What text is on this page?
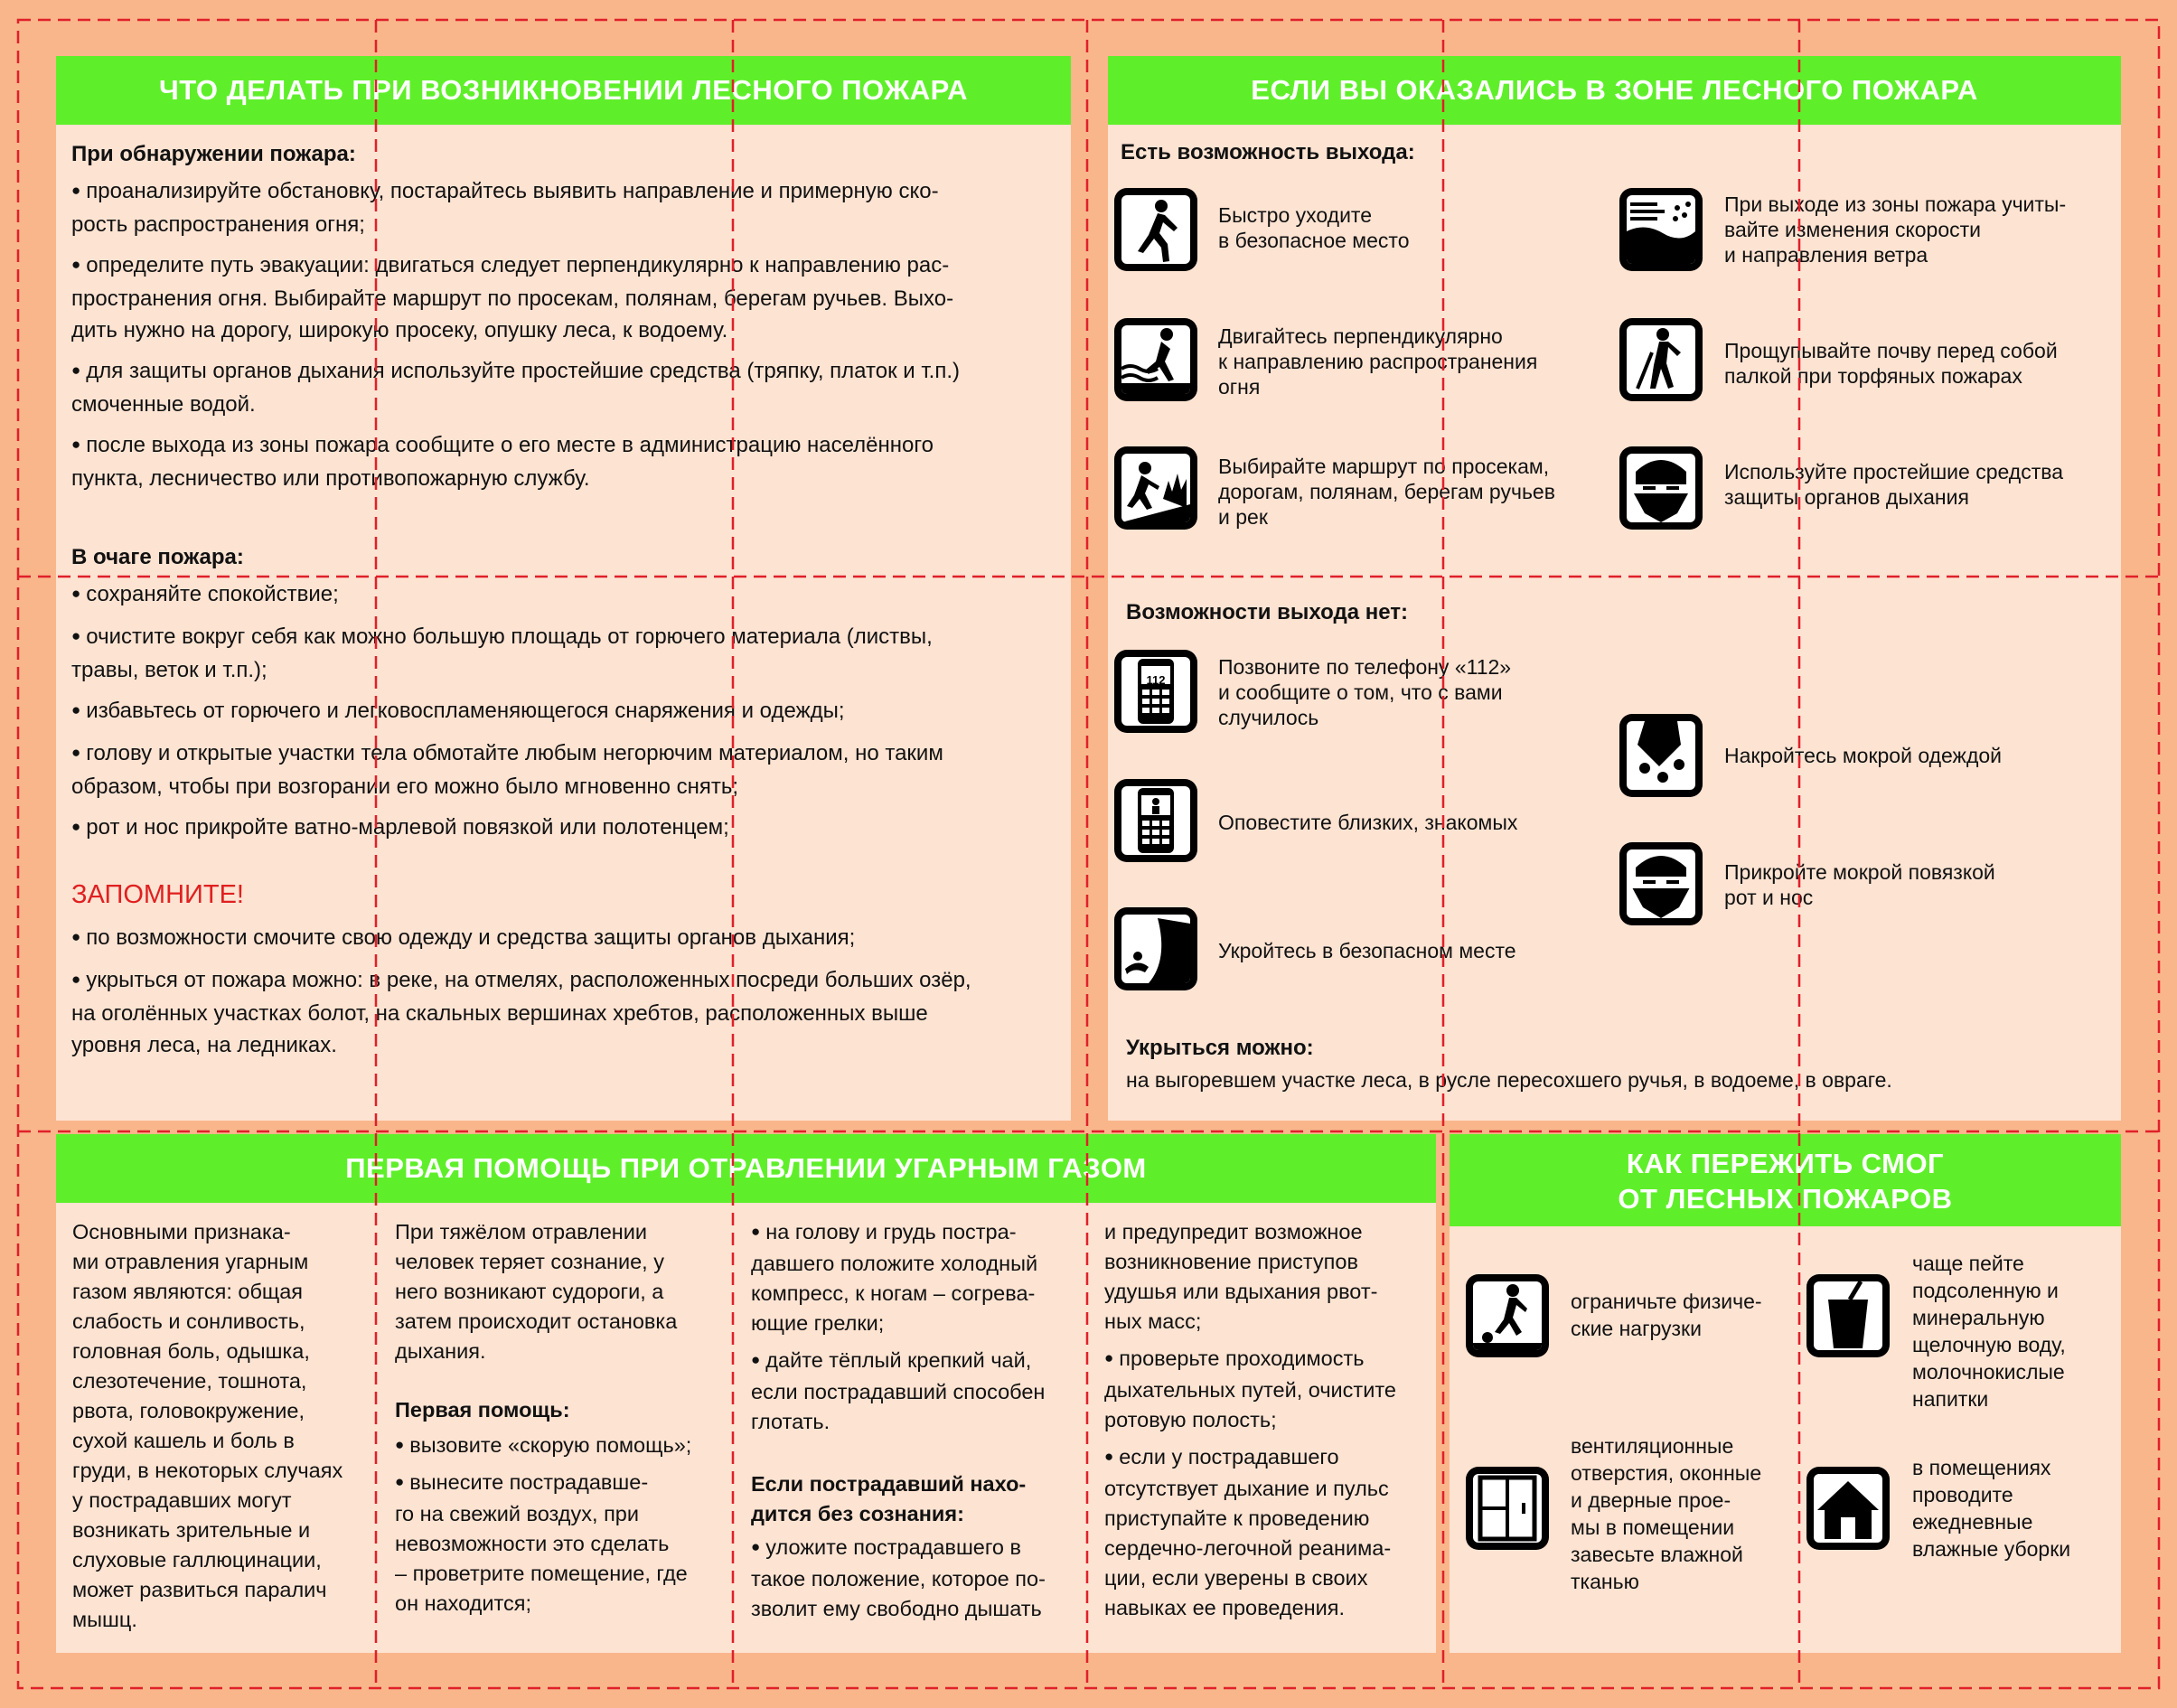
ЧТО ДЕЛАТЬ ПРИ ВОЗНИКНОВЕНИИ ЛЕСНОГО ПОЖАРА
При обнаружении пожара:
● проанализируйте обстановку, постарайтесь выявить направление и примерную ско-
рость распространения огня;
● определите путь эвакуации: двигаться следует перпендикулярно к направлению рас-
пространения огня. Выбирайте маршрут по просекам, полянам, берегам ручьев. Выхо-
дить нужно на дорогу, широкую просеку, опушку леса, к водоему.
● для защиты органов дыхания используйте простейшие средства (тряпку, платок и т.п.)
смоченные водой.
● после выхода из зоны пожара сообщите о его месте в администрацию населённого
пункта, лесничество или противопожарную службу.
В очаге пожара:
● сохраняйте спокойствие;
● очистите вокруг себя как можно большую площадь от горючего материала (листвы,
травы, веток и т.п.);
● избавьтесь от горючего и легковоспламеняющегося снаряжения и одежды;
● голову и открытые участки тела обмотайте любым негорючим материалом, но таким
образом, чтобы при возгорании его можно было мгновенно снять;
● рот и нос прикройте ватно-марлевой повязкой или полотенцем;
ЗАПОМНИТЕ!
● по возможности смочите свою одежду и средства защиты органов дыхания;
● укрыться от пожара можно: в реке, на отмелях, расположенных посреди больших озёр,
на оголённых участках болот, на скальных вершинах хребтов, расположенных выше
уровня леса, на ледниках.
ЕСЛИ ВЫ ОКАЗАЛИСЬ В ЗОНЕ ЛЕСНОГО ПОЖАРА
Есть возможность выхода:
Возможности выхода нет:
Укрыться можно:
на выгоревшем участке леса, в русле пересохшего ручья, в водоеме, в овраге.
Быстро уходите
в безопасное место
При выходе из зоны пожара учиты-
вайте изменения скорости
и направления ветра
Двигайтесь перпендикулярно
к направлению распространения
огня
Прощупывайте почву перед собой
палкой при торфяных пожарах
Выбирайте маршрут по просекам,
дорогам, полянам, берегам ручьев
и рек
Используйте простейшие средства
защиты органов дыхания
112
Позвоните по телефону «112»
и сообщите о том, что с вами
случилось
Накройтесь мокрой одеждой
Оповестите близких, знакомых
Прикройте мокрой повязкой
рот и нос
Укройтесь в безопасном месте
ПЕРВАЯ ПОМОЩЬ ПРИ ОТРАВЛЕНИИ УГАРНЫМ ГАЗОМ
Основными признака-
ми отравления угарным
газом являются: общая
слабость и сонливость,
головная боль, одышка,
слезотечение, тошнота,
рвота, головокружение,
сухой кашель и боль в
груди, в некоторых случаях
у пострадавших могут
возникать зрительные и
слуховые галлюцинации,
может развиться паралич
мышц.
При тяжёлом отравлении
человек теряет сознание, у
него возникают судороги, а
затем происходит остановка
дыхания.
Первая помощь:
● вызовите «скорую помощь»;
● вынесите пострадавше-
го на свежий воздух, при
невозможности это сделать
– проветрите помещение, где
он находится;
● на голову и грудь постра-
давшего положите холодный
компресс, к ногам – согрева-
ющие грелки;
● дайте тёплый крепкий чай,
если пострадавший способен
глотать.
Если пострадавший нахо-
дится без сознания:
● уложите пострадавшего в
такое положение, которое по-
зволит ему свободно дышать
и предупредит возможное
возникновение приступов
удушья или вдыхания рвот-
ных масс;
● проверьте проходимость
дыхательных путей, очистите
ротовую полость;
● если у пострадавшего
отсутствует дыхание и пульс
приступайте к проведению
сердечно-легочной реанима-
ции, если уверены в своих
навыках ее проведения.
КАК ПЕРЕЖИТЬ СМОГ
ОТ ЛЕСНЫХ ПОЖАРОВ
ограничьте физиче-
ские нагрузки
чаще пейте
подсоленную и
минеральную
щелочную воду,
молочнокислые
напитки
вентиляционные
отверстия, оконные
и дверные прое-
мы в помещении
завесьте влажной
тканью
в помещениях
проводите
ежедневные
влажные уборки
